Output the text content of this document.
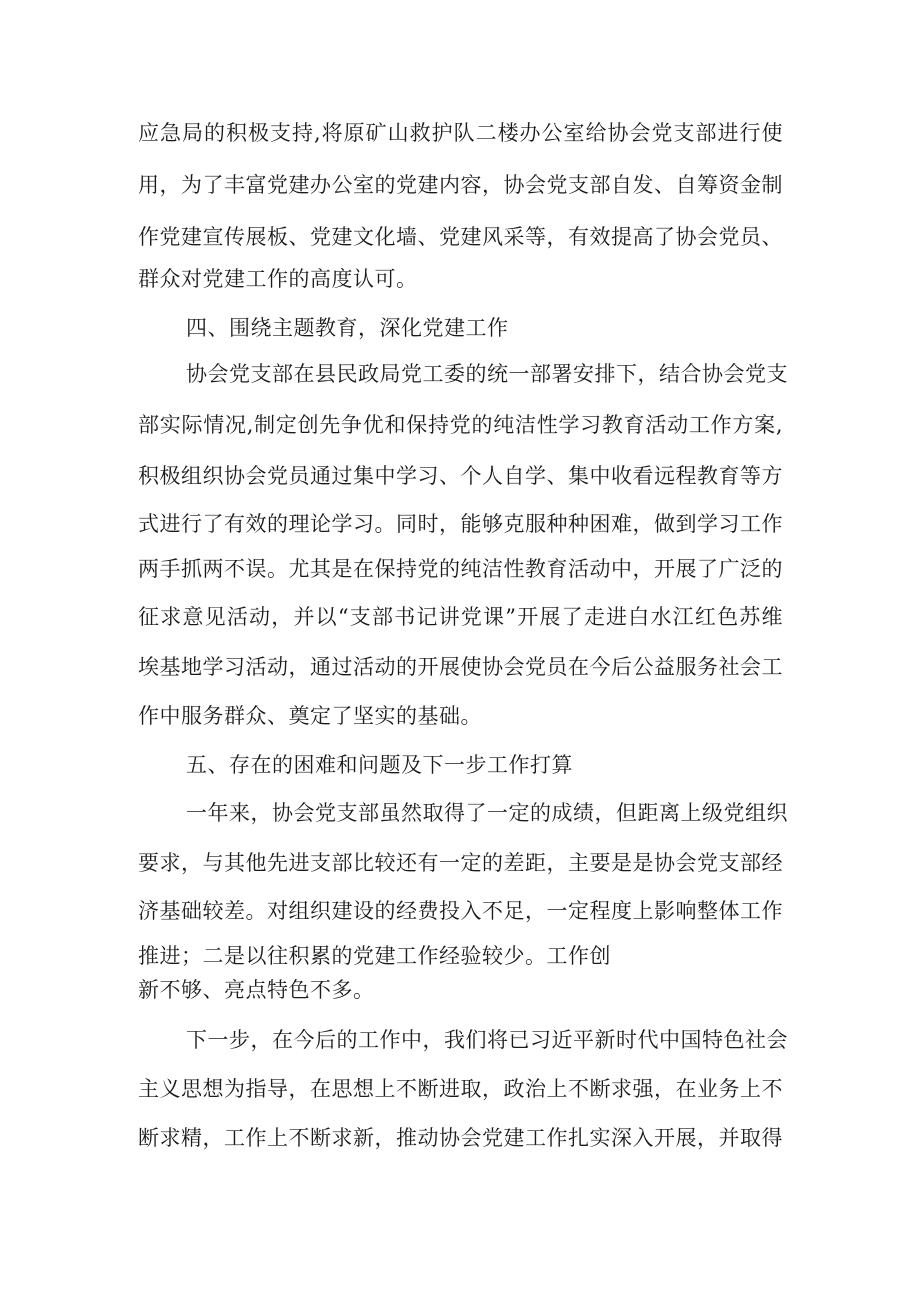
应急局的积极支持,将原矿山救护队二楼办公室给协会党支部进行使
用，为了丰富党建办公室的党建内容，协会党支部自发、自筹资金制
作党建宣传展板、党建文化墙、党建风采等，有效提高了协会党员、
群众对党建工作的高度认可。
四、围绕主题教育，深化党建工作
协会党支部在县民政局党工委的统一部署安排下，结合协会党支
部实际情况,制定创先争优和保持党的纯洁性学习教育活动工作方案,
积极组织协会党员通过集中学习、个人自学、集中收看远程教育等方
式进行了有效的理论学习。同时，能够克服种种困难，做到学习工作
两手抓两不误。尤其是在保持党的纯洁性教育活动中，开展了广泛的
征求意见活动，并以“支部书记讲党课”开展了走进白水江红色苏维
埃基地学习活动，通过活动的开展使协会党员在今后公益服务社会工
作中服务群众、奠定了坚实的基础。
五、存在的困难和问题及下一步工作打算
一年来，协会党支部虽然取得了一定的成绩，但距离上级党组织
要求，与其他先进支部比较还有一定的差距，主要是是协会党支部经
济基础较差。对组织建设的经费投入不足，一定程度上影响整体工作
推进；二是以往积累的党建工作经验较少。工作创
新不够、亮点特色不多。
下一步，在今后的工作中，我们将已习近平新时代中国特色社会
主义思想为指导，在思想上不断进取，政治上不断求强，在业务上不
断求精，工作上不断求新，推动协会党建工作扎实深入开展，并取得
